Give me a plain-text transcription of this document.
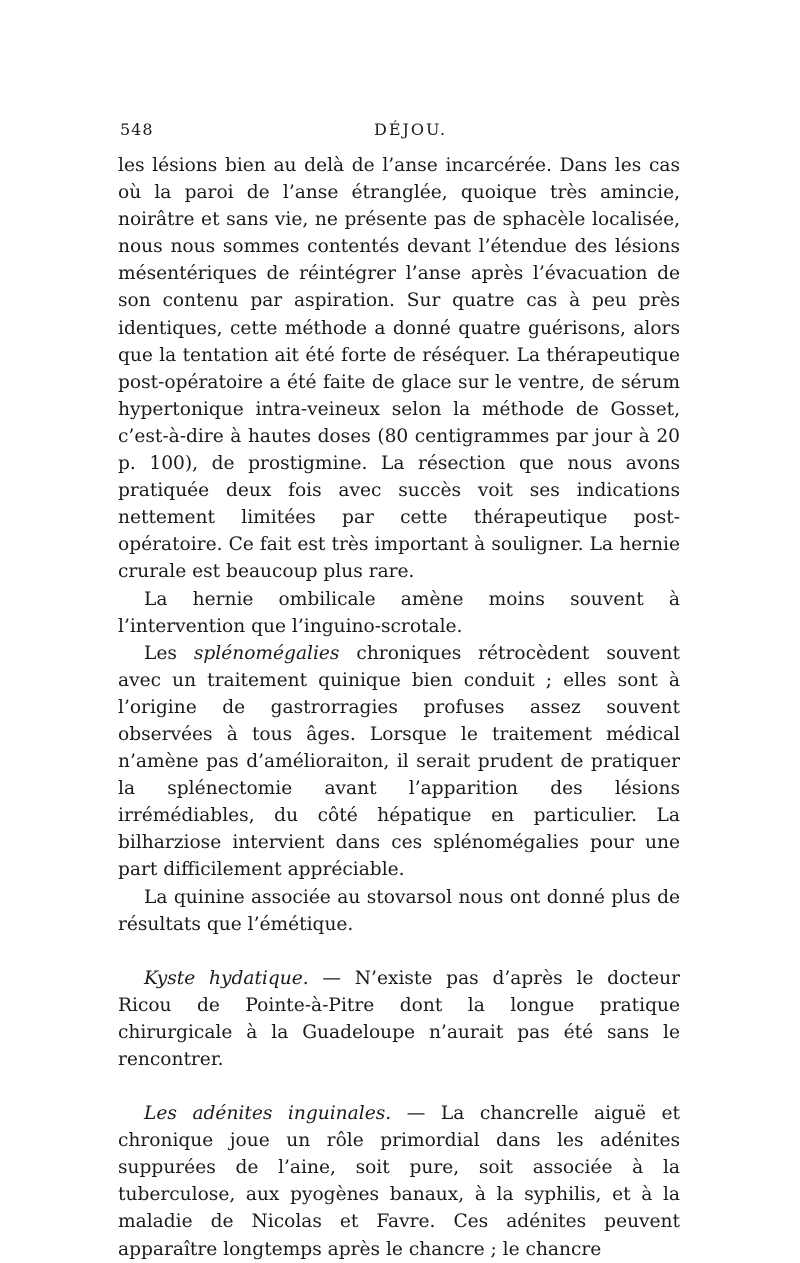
548	DÉJOU.

les lésions bien au delà de l’anse incarcérée. Dans les cas où la paroi de l’anse étranglée, quoique très amincie, noirâtre et sans vie, ne présente pas de sphacèle localisée, nous nous sommes contentés devant l’étendue des lésions mésentériques de réintégrer l’anse après l’évacuation de son contenu par aspiration. Sur quatre cas à peu près identiques, cette méthode a donné quatre guérisons, alors que la tentation ait été forte de réséquer. La thérapeutique post-opératoire a été faite de glace sur le ventre, de sérum hypertonique intra-veineux selon la méthode de Gosset, c’est-à-dire à hautes doses (80 centigrammes par jour à 20 p. 100), de prostigmine. La résection que nous avons pratiquée deux fois avec succès voit ses indications nettement limitées par cette thérapeutique post-opératoire. Ce fait est très important à souligner. La hernie crurale est beaucoup plus rare.

La hernie ombilicale amène moins souvent à l’intervention que l’inguino-scrotale.

Les splénomégalies chroniques rétrocèdent souvent avec un traitement quinique bien conduit ; elles sont à l’origine de gastrorragies profuses assez souvent observées à tous âges. Lorsque le traitement médical n’amène pas d’amélioraiton, il serait prudent de pratiquer la splénectomie avant l’apparition des lésions irrémédiables, du côté hépatique en particulier. La bilharziose intervient dans ces splénomégalies pour une part difficilement appréciable.

La quinine associée au stovarsol nous ont donné plus de résultats que l’émétique.

Kyste hydatique. — N’existe pas d’après le docteur Ricou de Pointe-à-Pitre dont la longue pratique chirurgicale à la Guadeloupe n’aurait pas été sans le rencontrer.

Les adénites inguinales. — La chancrelle aiguë et chronique joue un rôle primordial dans les adénites suppurées de l’aine, soit pure, soit associée à la tuberculose, aux pyogènes banaux, à la syphilis, et à la maladie de Nicolas et Favre. Ces adénites peuvent apparaître longtemps après le chancre ; le chancre
